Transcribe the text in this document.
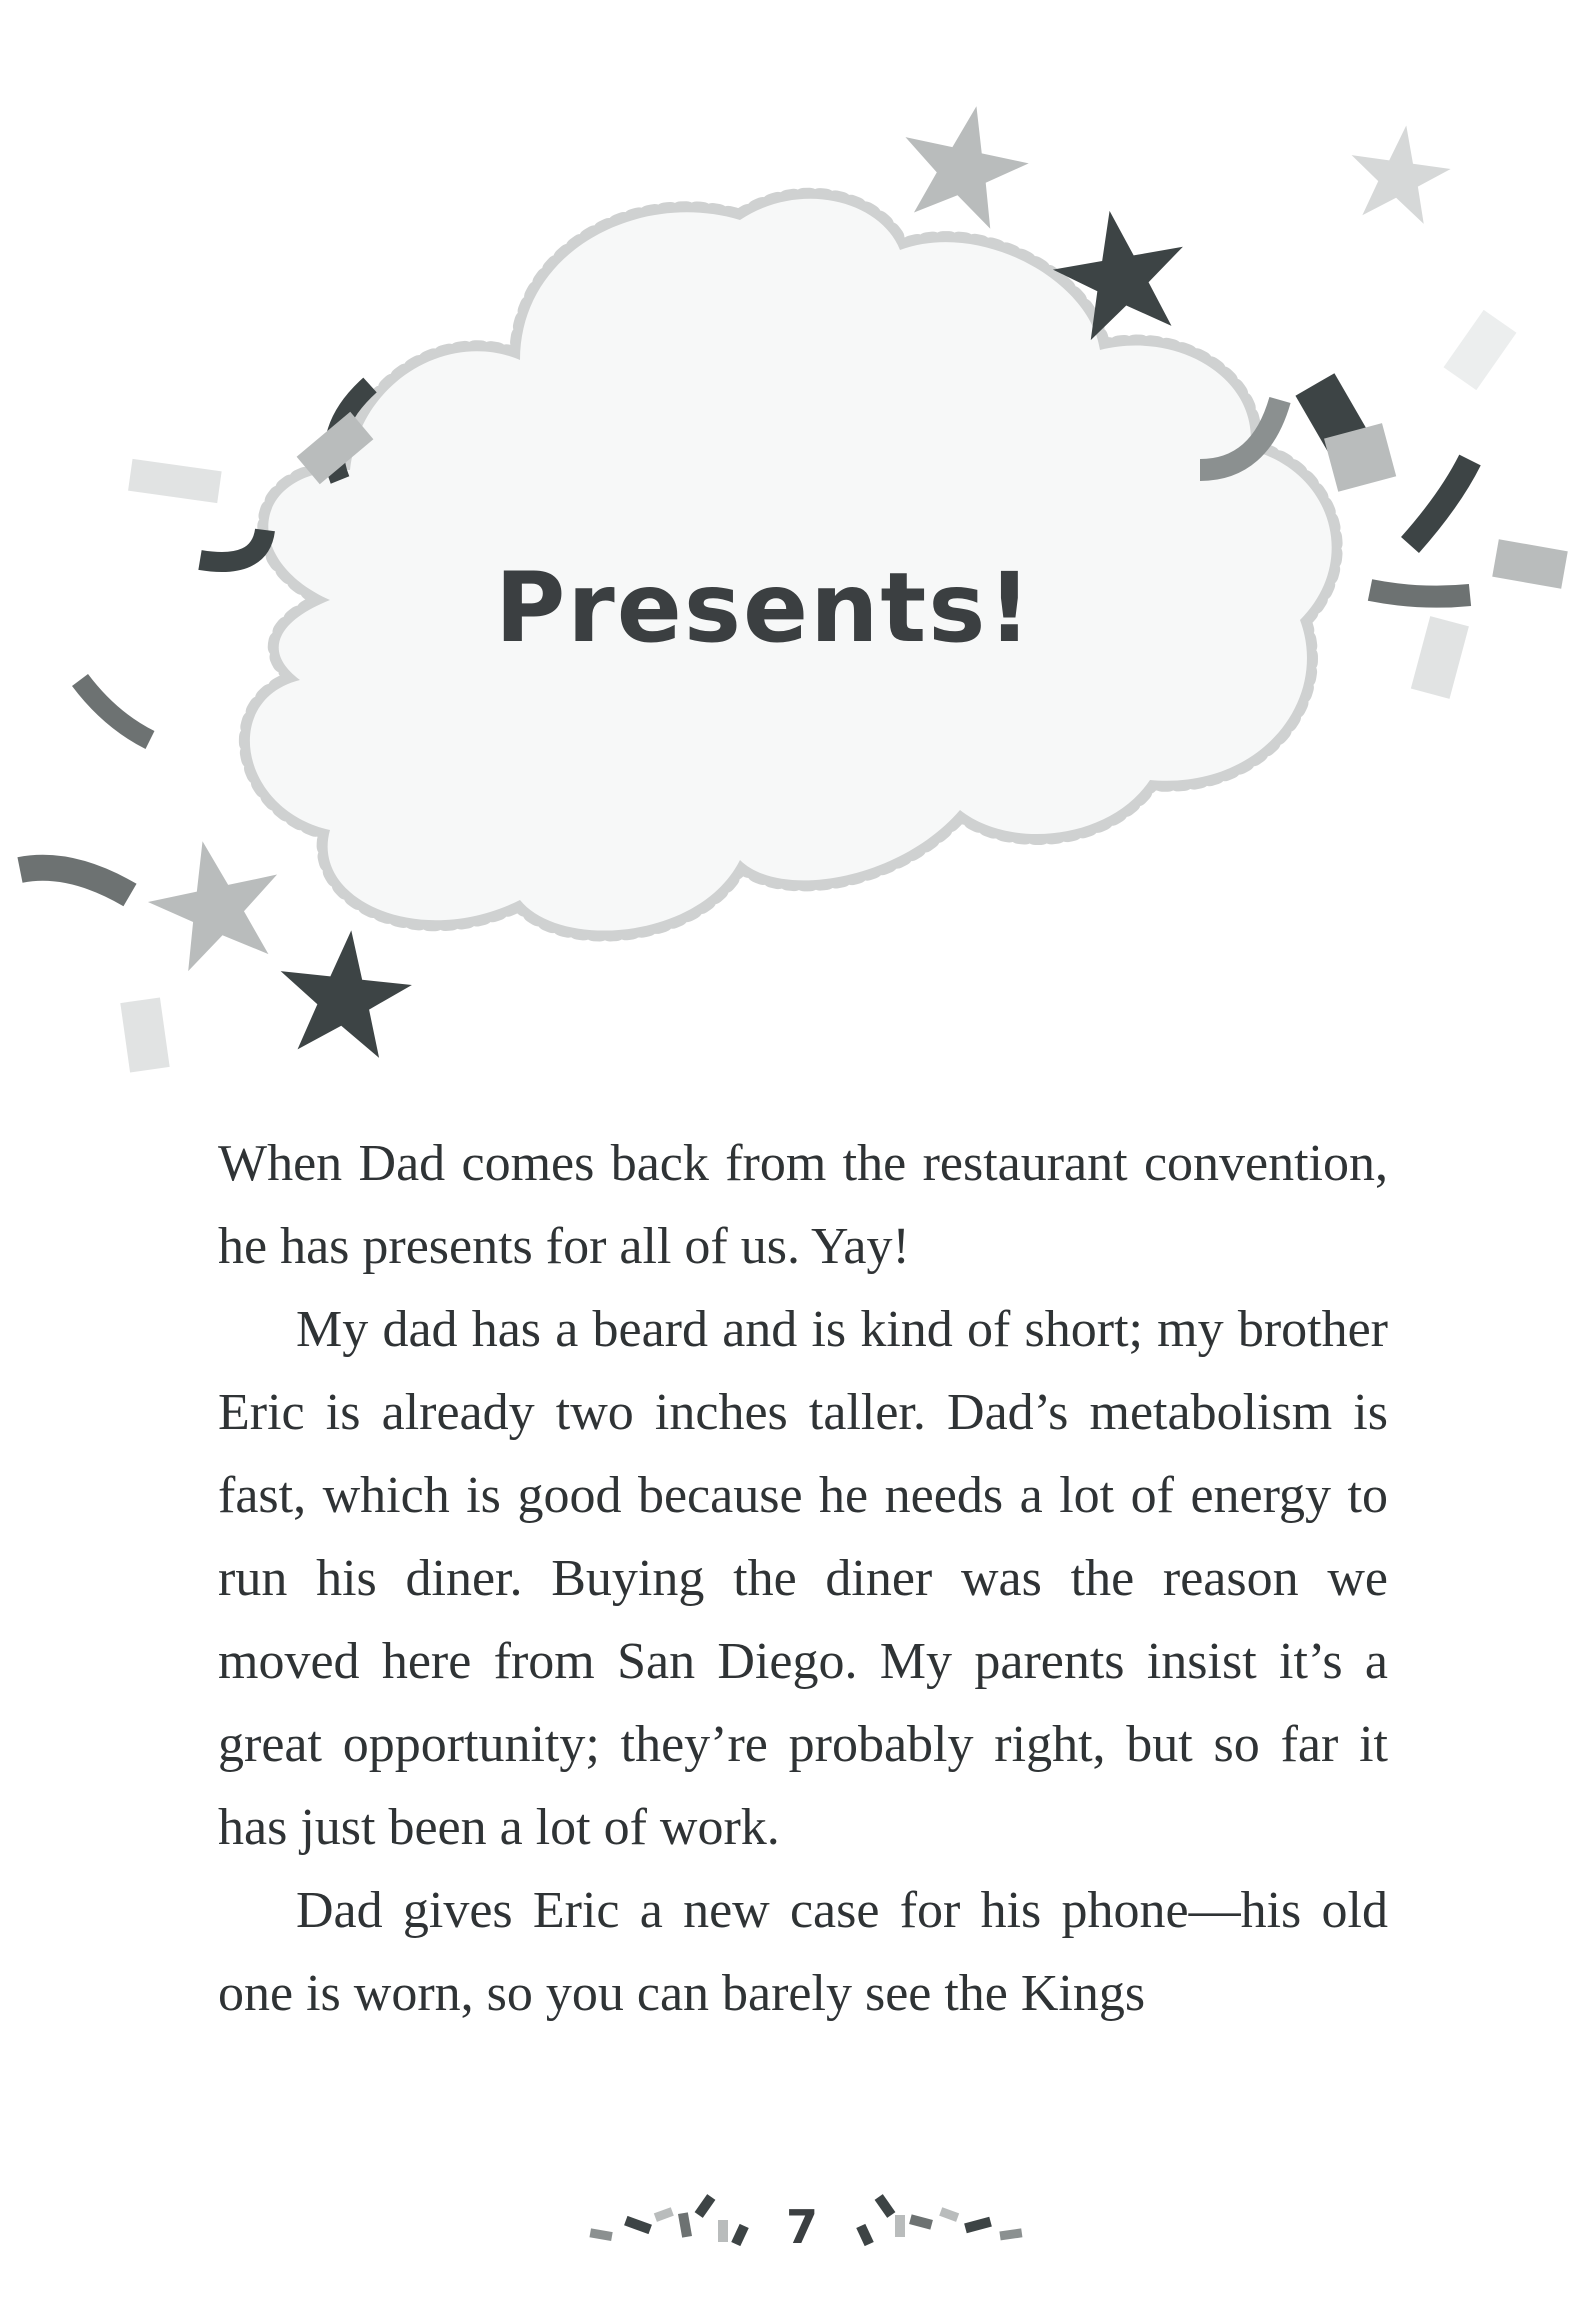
Presents!

When Dad comes back from the restaurant convention, he has presents for all of us. Yay!

My dad has a beard and is kind of short; my brother Eric is already two inches taller. Dad’s metabolism is fast, which is good because he needs a lot of energy to run his diner. Buying the diner was the reason we moved here from San Diego. My parents insist it’s a great opportunity; they’re probably right, but so far it has just been a lot of work.

Dad gives Eric a new case for his phone—his old one is worn, so you can barely see the Kings

7
